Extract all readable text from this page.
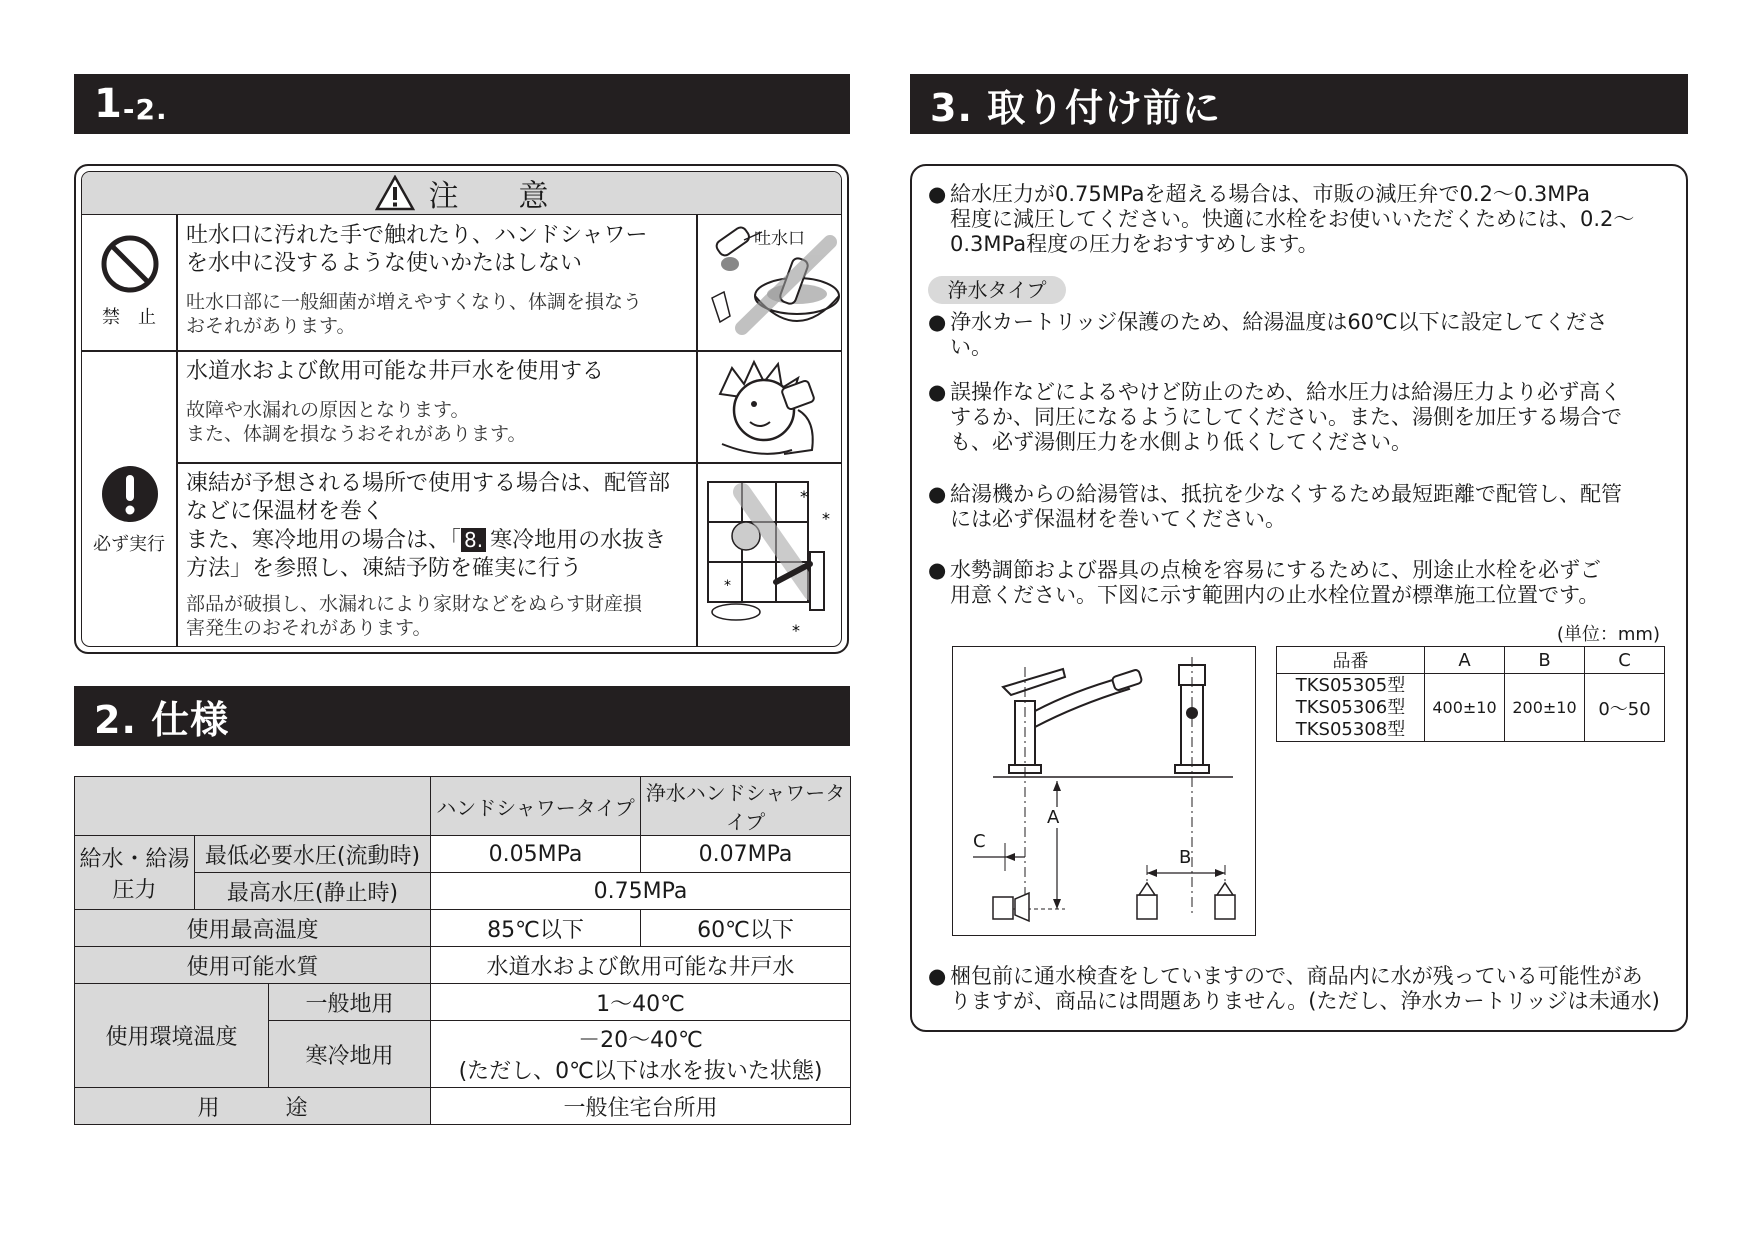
1 -2.
注　　意
禁　止
必ず実行
吐水口に汚れた手で触れたり、ハンドシャワー
を水中に没するような使いかたはしない
吐水口部に一般細菌が増えやすくなり、体調を損なう
おそれがあります。
吐水口
水道水および飲用可能な井戸水を使用する
故障や水漏れの原因となります。
また、体調を損なうおそれがあります。
凍結が予想される場所で使用する場合は、配管部
などに保温材を巻く
また、寒冷地用の場合は、「 8. 寒冷地用の水抜き
方法」を参照し、凍結予防を確実に行う
部品が破損し、水漏れにより家財などをぬらす財産損
害発生のおそれがあります。
*
*
*
*
2. 仕様
			ハンドシャワータイプ	浄水ハンドシャワータイプ

給水・給湯
圧力	最低必要水圧(流動時)		0.05MPa	0.07MPa
	最高水圧(静止時)		0.75MPa	
使用最高温度			85℃以下	60℃以下
使用可能水質			水道水および飲用可能な井戸水	
使用環境温度		一般地用	1～40℃	
		寒冷地用	－20～40℃
(ただし、0℃以下は水を抜いた状態)	

用　　　途			一般住宅台所用	
3. 取り付け前に
● 給水圧力が0.75MPaを超える場合は、市販の減圧弁で0.2～0.3MPa
程度に減圧してください。快適に水栓をお使いいただくためには、0.2～
0.3MPa程度の圧力をおすすめします。
浄水タイプ
● 浄水カートリッジ保護のため、給湯温度は60℃以下に設定してくださ
い。
● 誤操作などによるやけど防止のため、給水圧力は給湯圧力より必ず高く
するか、同圧になるようにしてください。また、湯側を加圧する場合で
も、必ず湯側圧力を水側より低くしてください。
● 給湯機からの給湯管は、抵抗を少なくするため最短距離で配管し、配管
には必ず保温材を巻いてください。
● 水勢調節および器具の点検を容易にするために、別途止水栓を必ずご
用意ください。下図に示す範囲内の止水栓位置が標準施工位置です。
(単位：mm)
A
B
C
品番	A	B	C

TKS05305型
TKS05306型
TKS05308型	400±10	200±10	0～50
● 梱包前に通水検査をしていますので、商品内に水が残っている可能性があ
りますが、商品には問題ありません。(ただし、浄水カートリッジは未通水)
